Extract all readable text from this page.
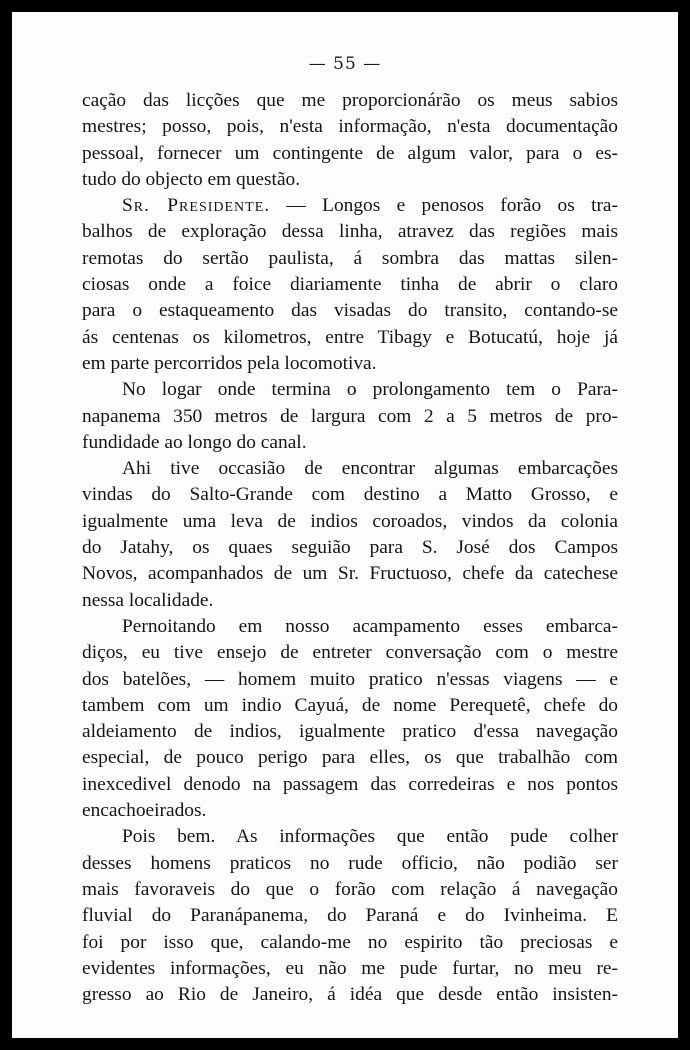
— 55 —
cação das licções que me proporcionárão os meus sabios
mestres; posso, pois, n'esta informação, n'esta documentação
pessoal, fornecer um contingente de algum valor, para o es-
tudo do objecto em questão.
Sr. Presidente. — Longos e penosos forão os tra-
balhos de exploração dessa linha, atravez das regiões mais
remotas do sertão paulista, á sombra das mattas silen-
ciosas onde a foice diariamente tinha de abrir o claro
para o estaqueamento das visadas do transito, contando-se
ás centenas os kilometros, entre Tibagy e Botucatú, hoje já
em parte percorridos pela locomotiva.
No logar onde termina o prolongamento tem o Para-
napanema 350 metros de largura com 2 a 5 metros de pro-
fundidade ao longo do canal.
Ahi tive occasião de encontrar algumas embarcações
vindas do Salto-Grande com destino a Matto Grosso, e
igualmente uma leva de indios coroados, vindos da colonia
do Jatahy, os quaes seguião para S. José dos Campos
Novos, acompanhados de um Sr. Fructuoso, chefe da catechese
nessa localidade.
Pernoitando em nosso acampamento esses embarca-
diços, eu tive ensejo de entreter conversação com o mestre
dos batelões, — homem muito pratico n'essas viagens — e
tambem com um indio Cayuá, de nome Perequetê, chefe do
aldeiamento de indios, igualmente pratico d'essa navegação
especial, de pouco perigo para elles, os que trabalhão com
inexcedivel denodo na passagem das corredeiras e nos pontos
encachoeirados.
Pois bem. As informações que então pude colher
desses homens praticos no rude officio, não podião ser
mais favoraveis do que o forão com relação á navegação
fluvial do Paranápanema, do Paraná e do Ivinheima. E
foi por isso que, calando-me no espirito tão preciosas e
evidentes informações, eu não me pude furtar, no meu re-
gresso ao Rio de Janeiro, á idéa que desde então insisten-
